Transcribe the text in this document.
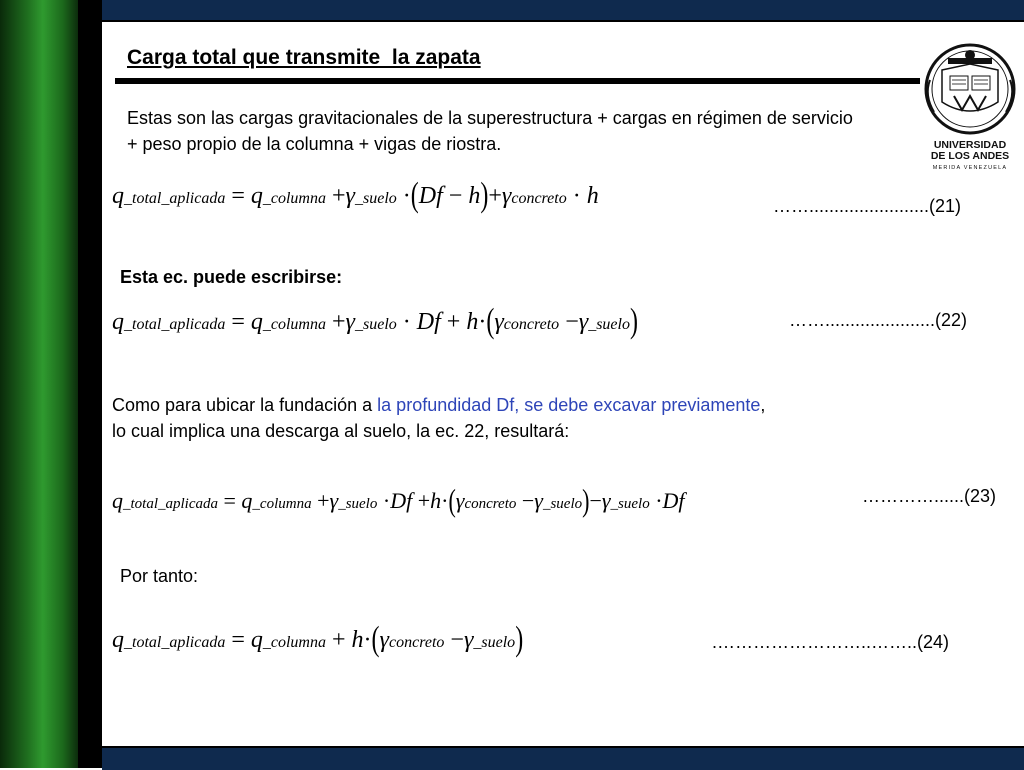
Carga total que transmite  la zapata
UNIVERSIDAD
DE LOS ANDES
MERIDA VENEZUELA
Estas son las cargas gravitacionales de la superestructura + cargas en régimen de servicio + peso propio de la columna + vigas de riostra.
q_total_aplicada = q_columna +γ_suelo ·(Df − h)+γconcreto · h	……........................(21)
Esta ec. puede escribirse:
q_total_aplicada = q_columna +γ_suelo · Df + h·(γconcreto −γ_suelo)	……......................(22)
Como para ubicar la fundación a la profundidad Df, se debe excavar previamente,
lo cual implica una descarga al suelo, la ec. 22, resultará:
q_total_aplicada = q_columna +γ_suelo ·Df +h·(γconcreto −γ_suelo)−γ_suelo ·Df	…………......(23)
Por tanto:
q_total_aplicada = q_columna + h·(γconcreto −γ_suelo)	.……………………..……..(24)
